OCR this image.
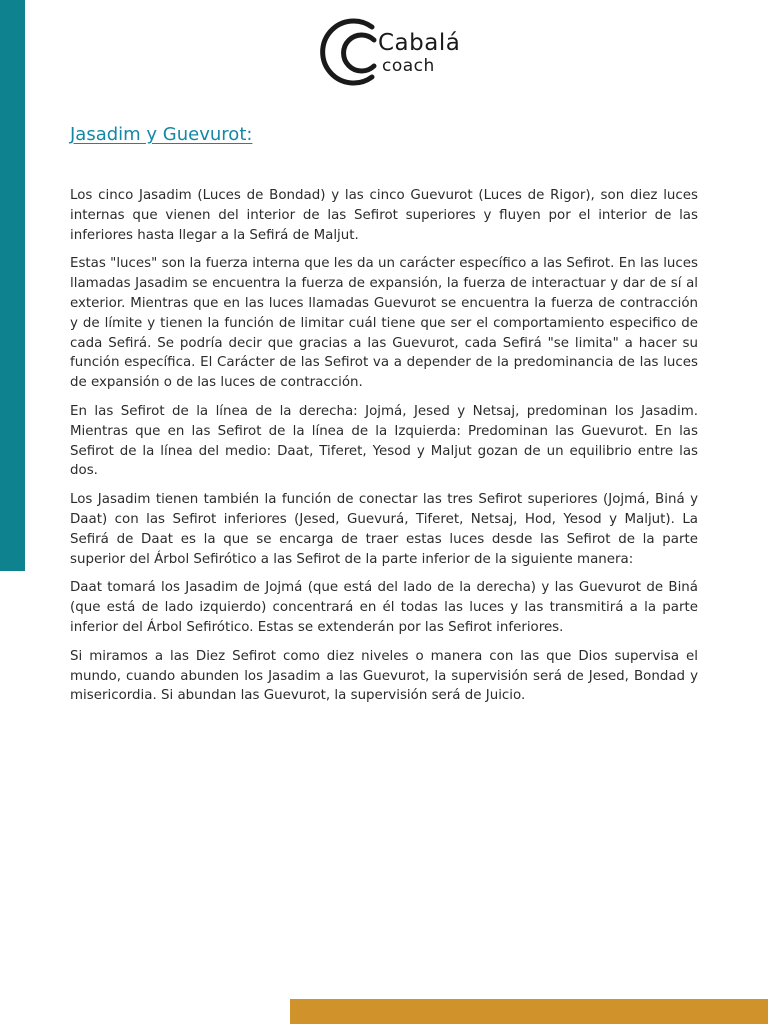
Cabalá
coach
Jasadim y Guevurot:

Los cinco Jasadim (Luces de Bondad) y las cinco Guevurot (Luces de Rigor), son diez luces internas que vienen del interior de las Sefirot superiores y fluyen por el interior de las inferiores hasta llegar a la Sefirá de Maljut.

Estas "luces" son la fuerza interna que les da un carácter específico a las Sefirot. En las luces llamadas Jasadim se encuentra la fuerza de expansión, la fuerza de interactuar y dar de sí al exterior. Mientras que en las luces llamadas Guevurot se encuentra la fuerza de contracción y de límite y tienen la función de limitar cuál tiene que ser el comportamiento especifico de cada Sefirá. Se podría decir que gracias a las Guevurot, cada Sefirá "se limita" a hacer su función específica. El Carácter de las Sefirot va a depender de la predominancia de las luces de expansión o de las luces de contracción.

En las Sefirot de la línea de la derecha: Jojmá, Jesed y Netsaj, predominan los Jasadim. Mientras que en las Sefirot de la línea de la Izquierda: Predominan las Guevurot. En las Sefirot de la línea del medio: Daat, Tiferet, Yesod y Maljut gozan de un equilibrio entre las dos.

Los Jasadim tienen también la función de conectar las tres Sefirot superiores (Jojmá, Biná y Daat) con las Sefirot inferiores (Jesed, Guevurá, Tiferet, Netsaj, Hod, Yesod y Maljut). La Sefirá de Daat es la que se encarga de traer estas luces desde las Sefirot de la parte superior del Árbol Sefirótico a las Sefirot de la parte inferior de la siguiente manera:

Daat tomará los Jasadim de Jojmá (que está del lado de la derecha) y las Guevurot de Biná (que está de lado izquierdo) concentrará en él todas las luces y las transmitirá a la parte inferior del Árbol Sefirótico. Estas se extenderán por las Sefirot inferiores.

Si miramos a las Diez Sefirot como diez niveles o manera con las que Dios supervisa el mundo, cuando abunden los Jasadim a las Guevurot, la supervisión será de Jesed, Bondad y misericordia. Si abundan las Guevurot, la supervisión será de Juicio.
